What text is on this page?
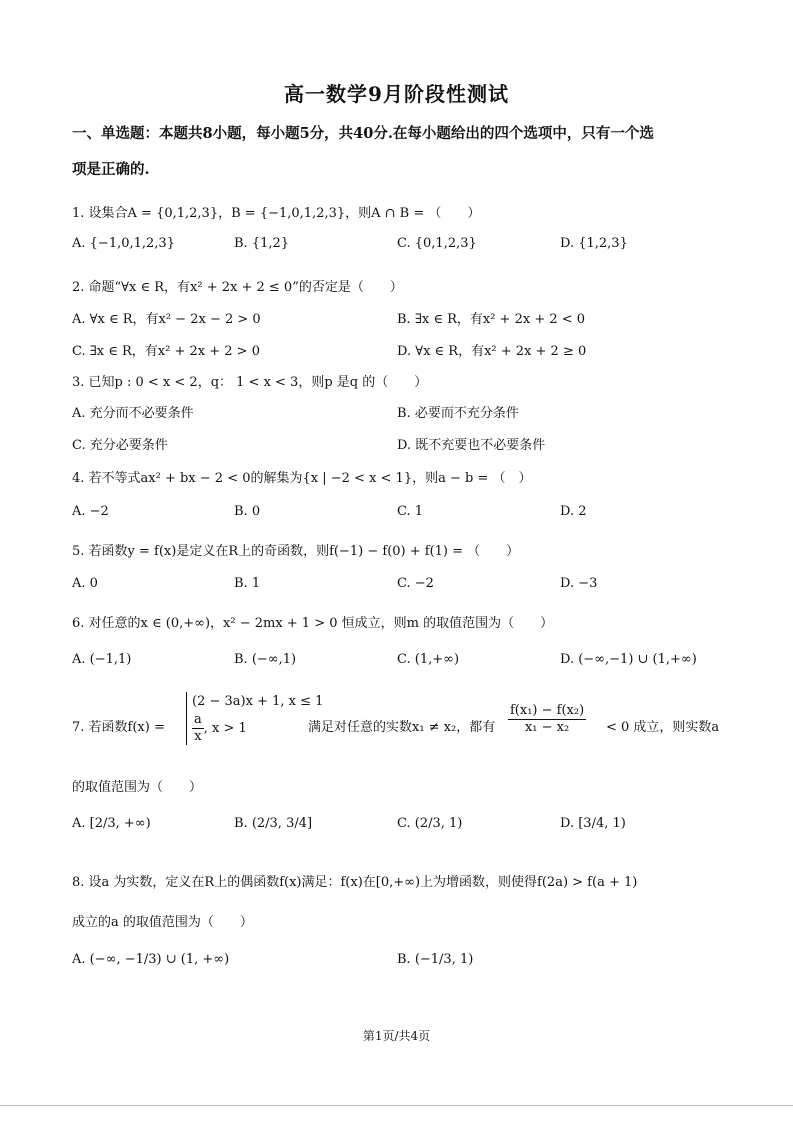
高一数学9月阶段性测试
一、单选题：本题共8小题，每小题5分，共40分.在每小题给出的四个选项中，只有一个选
项是正确的.
1. 设集合A = {0,1,2,3}，B = {−1,0,1,2,3}，则A ∩ B = （　　）
A. {−1,0,1,2,3}	B. {1,2}	C. {0,1,2,3}	D. {1,2,3}
2. 命题“∀x ∈ R，有x² + 2x + 2 ≤ 0”的否定是（　　）
A. ∀x ∈ R，有x² − 2x − 2 > 0	B. ∃x ∈ R，有x² + 2x + 2 < 0
C. ∃x ∈ R，有x² + 2x + 2 > 0	D. ∀x ∈ R，有x² + 2x + 2 ≥ 0
3. 已知p : 0 < x < 2，q： 1 < x < 3，则p 是q 的（　　）
A. 充分而不必要条件	B. 必要而不充分条件
C. 充分必要条件	D. 既不充要也不必要条件
4. 若不等式ax² + bx − 2 < 0的解集为{x | −2 < x < 1}，则a − b = （　）
A. −2	B. 0	C. 1	D. 2
5. 若函数y = f(x)是定义在R上的奇函数，则f(−1) − f(0) + f(1) = （　　）
A. 0	B. 1	C. −2	D. −3
6. 对任意的x ∈ (0,+∞)，x² − 2mx + 1 > 0 恒成立，则m 的取值范围为（　　）
A. (−1,1)	B. (−∞,1)	C. (1,+∞)	D. (−∞,−1) ∪ (1,+∞)
7. 若函数f(x) =
(2 − 3a)x + 1, x ≤ 1
$\frac{a}{x}$ , x > 1	满足对任意的实数x₁ ≠ x₂，都有 $\frac{\text{f(x₁) − f(x₂)}}{\text{x₁ − x₂}} < 0$ 成立，则实数a
的取值范围为（　　）
A. [2/3, +∞)	B. (2/3, 3/4]	C. (2/3, 1)	D. [3/4, 1)
8. 设a 为实数，定义在R上的偶函数f(x)满足：f(x)在[0,+∞)上为增函数，则使得f(2a) > f(a + 1)
成立的a 的取值范围为（　　）
A. (−∞, −1/3) ∪ (1, +∞)	B. (−1/3, 1)
第1页/共4页
